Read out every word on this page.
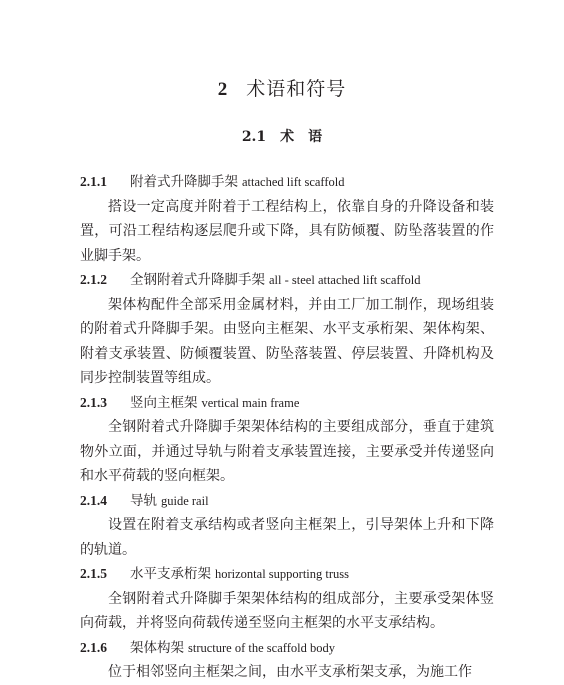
2 术语和符号
2.1 术　语
2.1.1 附着式升降脚手架 attached lift scaffold
搭设一定高度并附着于工程结构上，依靠自身的升降设备和装置，可沿工程结构逐层爬升或下降，具有防倾覆、防坠落装置的作业脚手架。
2.1.2 全钢附着式升降脚手架 all - steel attached lift scaffold
架体构配件全部采用金属材料，并由工厂加工制作，现场组装的附着式升降脚手架。由竖向主框架、水平支承桁架、架体构架、附着支承装置、防倾覆装置、防坠落装置、停层装置、升降机构及同步控制装置等组成。
2.1.3 竖向主框架 vertical main frame
全钢附着式升降脚手架架体结构的主要组成部分，垂直于建筑物外立面，并通过导轨与附着支承装置连接，主要承受并传递竖向和水平荷载的竖向框架。
2.1.4 导轨 guide rail
设置在附着支承结构或者竖向主框架上，引导架体上升和下降的轨道。
2.1.5 水平支承桁架 horizontal supporting truss
全钢附着式升降脚手架架体结构的组成部分，主要承受架体竖向荷载，并将竖向荷载传递至竖向主框架的水平支承结构。
2.1.6 架体构架 structure of the scaffold body
位于相邻竖向主框架之间，由水平支承桁架支承，为施工作
